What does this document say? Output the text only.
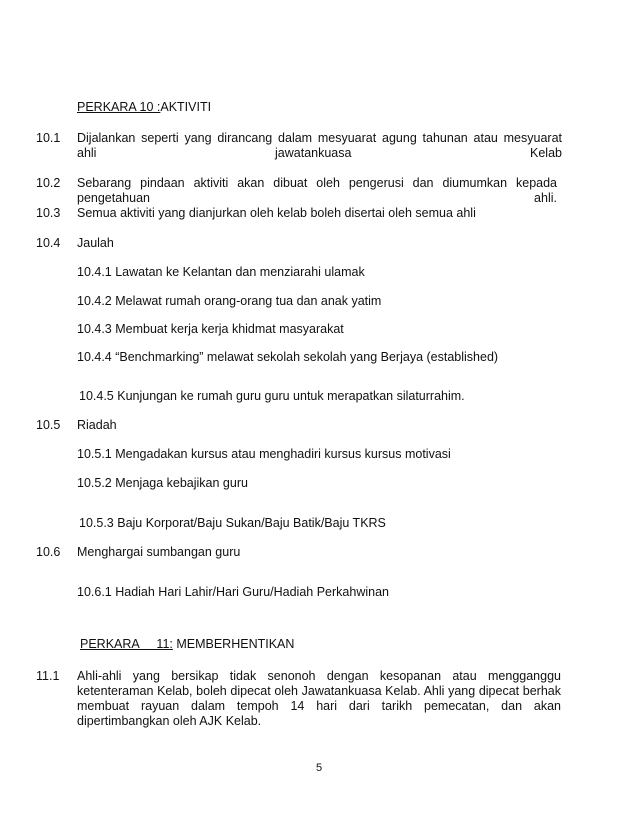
PERKARA 10 :AKTIVITI
10.1 Dijalankan seperti yang dirancang dalam mesyuarat agung tahunan atau mesyuarat ahli jawatankuasa Kelab
10.2 Sebarang pindaan aktiviti akan dibuat oleh pengerusi dan diumumkan kepada pengetahuan ahli.
10.3 Semua aktiviti yang dianjurkan oleh kelab boleh disertai oleh semua ahli
10.4 Jaulah
10.4.1 Lawatan ke Kelantan dan menziarahi ulamak
10.4.2 Melawat rumah orang-orang tua dan anak yatim
10.4.3 Membuat kerja kerja khidmat masyarakat
10.4.4 “Benchmarking” melawat sekolah sekolah yang Berjaya (established)
10.4.5 Kunjungan ke rumah guru guru untuk merapatkan silaturrahim.
10.5 Riadah
10.5.1 Mengadakan kursus atau menghadiri kursus kursus motivasi
10.5.2 Menjaga kebajikan guru
10.5.3 Baju Korporat/Baju Sukan/Baju Batik/Baju TKRS
10.6 Menghargai sumbangan guru
10.6.1 Hadiah Hari Lahir/Hari Guru/Hadiah Perkahwinan
PERKARA     11: MEMBERHENTIKAN
11.1 Ahli-ahli yang bersikap tidak senonoh dengan kesopanan atau mengganggu ketenteraman Kelab, boleh dipecat oleh Jawatankuasa Kelab. Ahli yang dipecat berhak membuat rayuan dalam tempoh 14 hari dari tarikh pemecatan, dan akan dipertimbangkan oleh AJK Kelab.
5
